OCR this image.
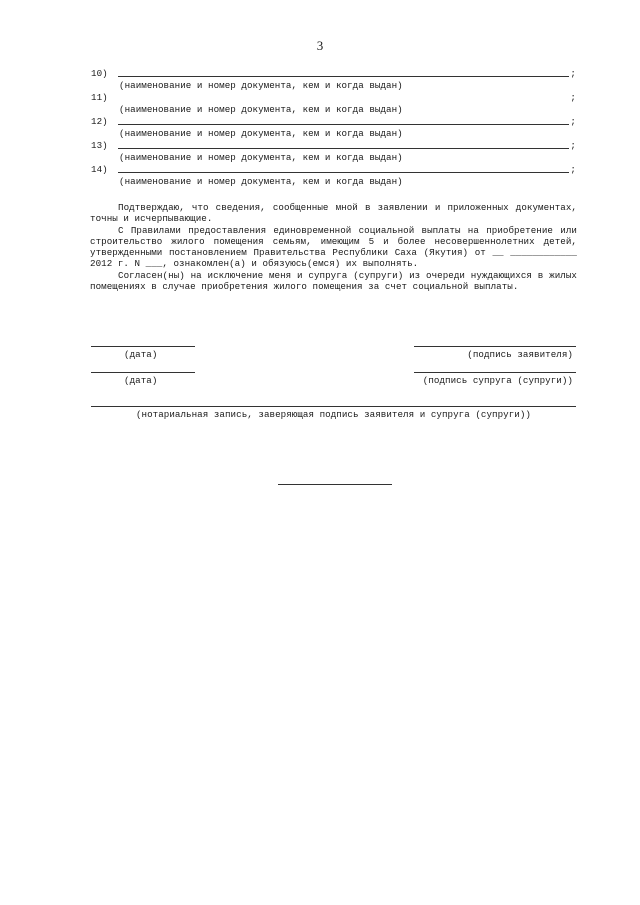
3
10)	;
(наименование и номер документа, кем и когда выдан)
11)	;
(наименование и номер документа, кем и когда выдан)
12)	;
(наименование и номер документа, кем и когда выдан)
13)	;
(наименование и номер документа, кем и когда выдан)
14)	;
(наименование и номер документа, кем и когда выдан)

Подтверждаю, что сведения, сообщенные мной в заявлении и приложенных документах, точны и исчерпывающие.

С Правилами предоставления единовременной социальной выплаты на приобретение или строительство жилого помещения семьям, имеющим 5 и более несовершеннолетних детей, утвержденными постановлением Правительства Республики Саха (Якутия) от __ ____________ 2012 г. N ___, ознакомлен(а) и обязуюсь(емся) их выполнять.

Согласен(ны) на исключение меня и супруга (супруги) из очереди нуждающихся в жилых помещениях в случае приобретения жилого помещения за счет социальной выплаты.

(дата)	(подпись заявителя)
(дата)	(подпись супруга (супруги))
(нотариальная запись, заверяющая подпись заявителя и супруга (супруги))
